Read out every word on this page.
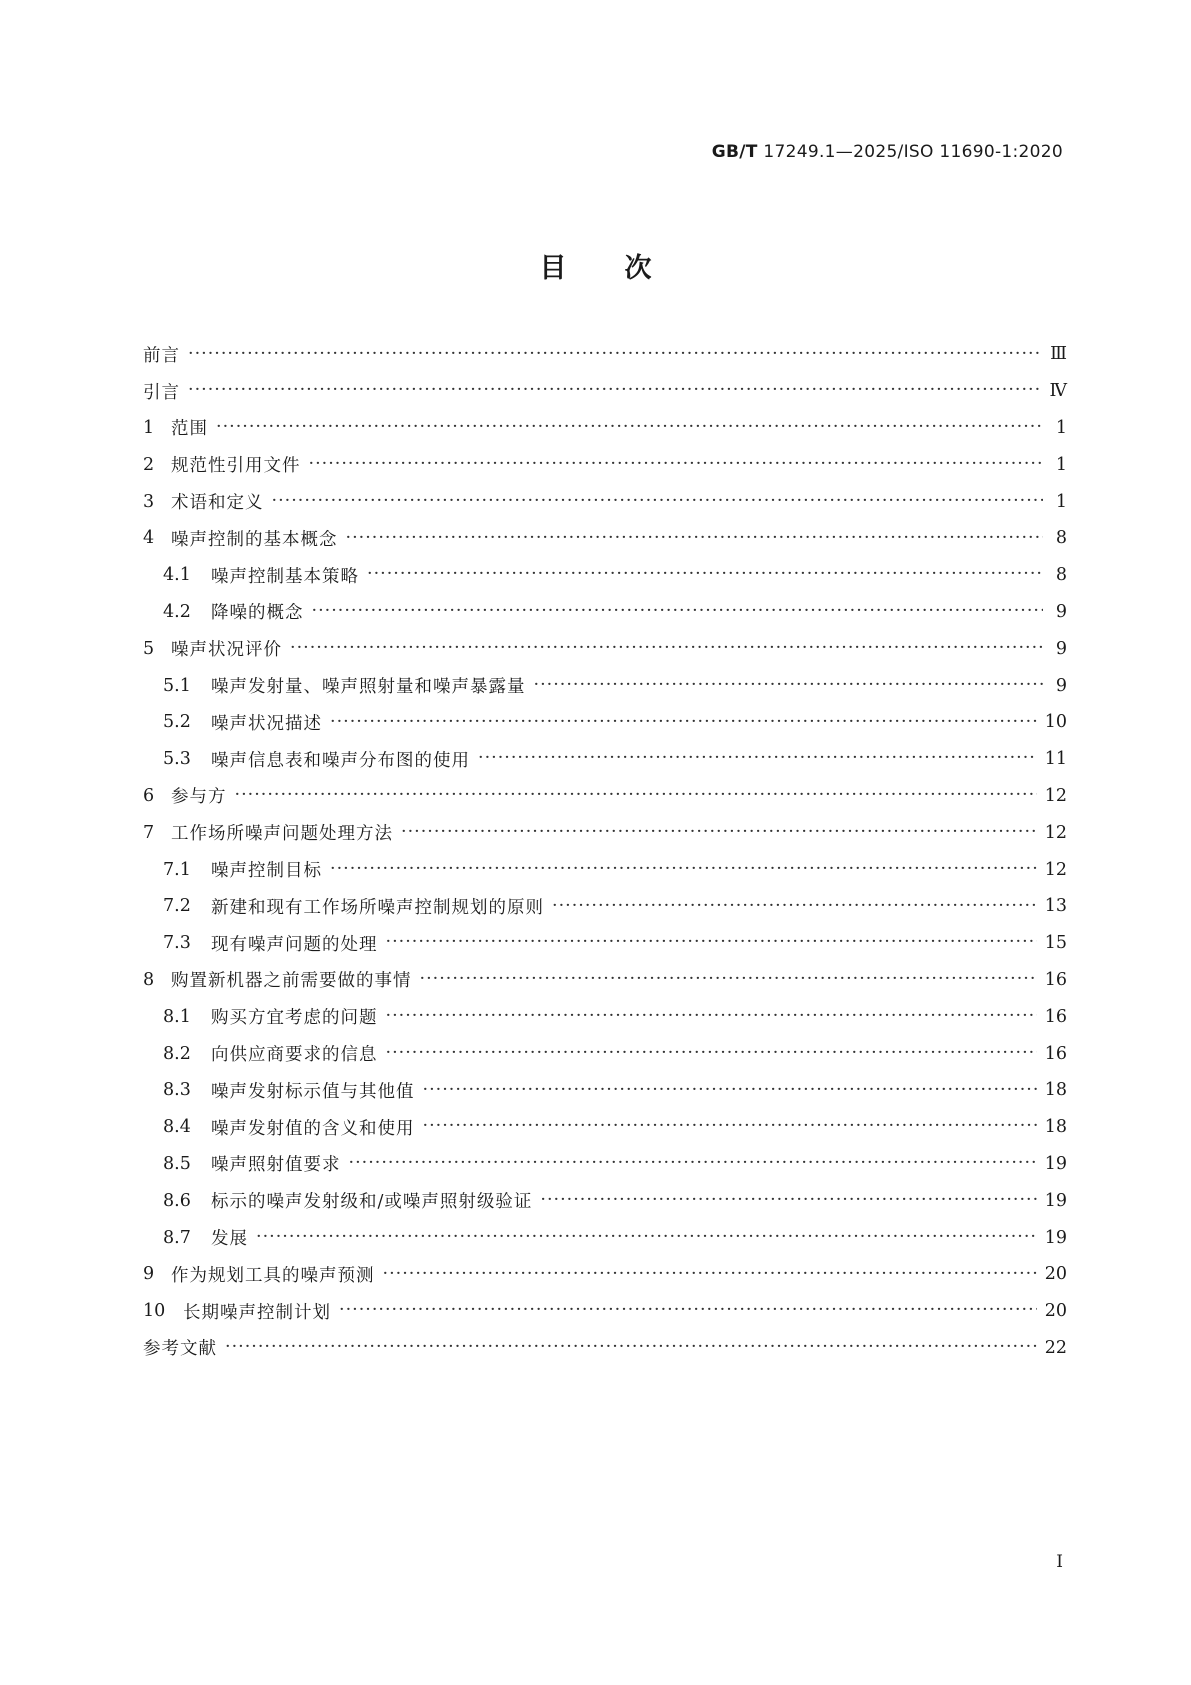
GB/T 17249.1—2025/ISO 11690-1:2020
目次
前言 ·····	Ⅲ
引言 ·····	Ⅳ
1 范围 ·····	1
2 规范性引用文件 ·····	1
3 术语和定义 ·····	1
4 噪声控制的基本概念 ·····	8
4.1	噪声控制基本策略 ·····	8
4.2	降噪的概念 ·····	9
5 噪声状况评价 ·····	9
5.1	噪声发射量、噪声照射量和噪声暴露量 ·····	9
5.2	噪声状况描述 ·····	10
5.3	噪声信息表和噪声分布图的使用 ·····	11
6 参与方 ·····	12
7 工作场所噪声问题处理方法 ·····	12
7.1	噪声控制目标 ·····	12
7.2	新建和现有工作场所噪声控制规划的原则 ·····	13
7.3	现有噪声问题的处理 ·····	15
8 购置新机器之前需要做的事情 ·····	16
8.1	购买方宜考虑的问题 ·····	16
8.2	向供应商要求的信息 ·····	16
8.3	噪声发射标示值与其他值 ·····	18
8.4	噪声发射值的含义和使用 ·····	18
8.5	噪声照射值要求 ·····	19
8.6	标示的噪声发射级和/或噪声照射级验证 ·····	19
8.7	发展 ·····	19
9 作为规划工具的噪声预测 ·····	20
10	长期噪声控制计划 ·····	20
参考文献 ·····	22
Ⅰ
